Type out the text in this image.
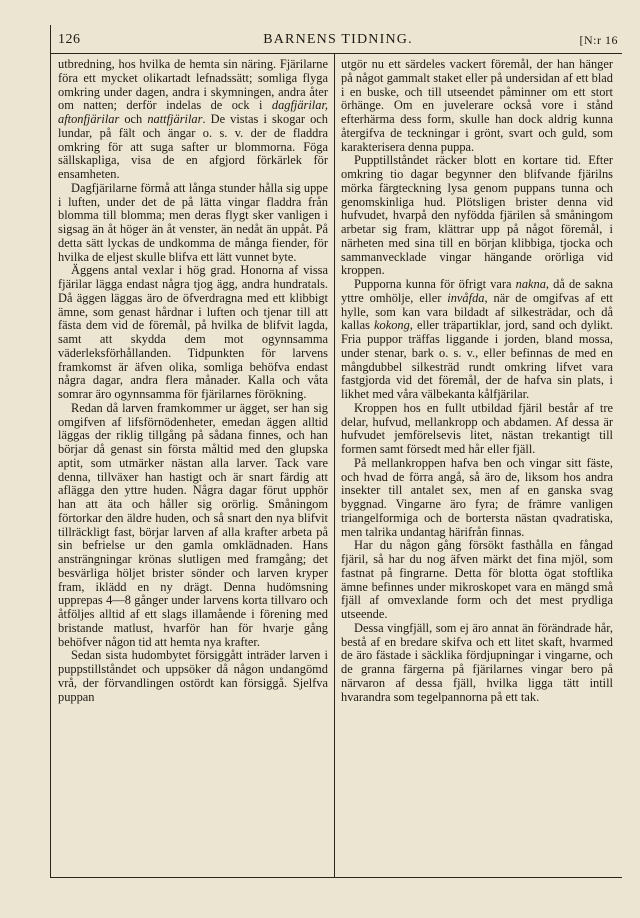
126	BARNENS TIDNING.	[N:r 16

utbredning, hos hvilka de hemta sin näring. Fjärilarne föra ett mycket olikartadt lefnadssätt; somliga flyga omkring under dagen, andra i skymningen, andra åter om natten; derför indelas de ock i dagfjärilar, aftonfjärilar och nattfjärilar. De vistas i skogar och lundar, på fält och ängar o. s. v. der de fladdra omkring för att suga safter ur blommorna. Föga sällskapliga, visa de en afgjord förkärlek för ensamheten.

Dagfjärilarne förmå att långa stunder hålla sig uppe i luften, under det de på lätta vingar fladdra från blomma till blomma; men deras flygt sker vanligen i sigsag än åt höger än åt venster, än nedåt än uppåt. På detta sätt lyckas de undkomma de många fiender, för hvilka de eljest skulle blifva ett lätt vunnet byte.

Äggens antal vexlar i hög grad. Honorna af vissa fjärilar lägga endast några tjog ägg, andra hundratals. Då äggen läggas äro de öfverdragna med ett klibbigt ämne, som genast hårdnar i luften och tjenar till att fästa dem vid de föremål, på hvilka de blifvit lagda, samt att skydda dem mot ogynnsamma väderleksförhållanden. Tidpunkten för larvens framkomst är äfven olika, somliga behöfva endast några dagar, andra flera månader. Kalla och våta somrar äro ogynnsamma för fjärilarnes förökning.

Redan då larven framkommer ur ägget, ser han sig omgifven af lifsförnödenheter, emedan äggen alltid läggas der riklig tillgång på sådana finnes, och han börjar då genast sin första måltid med den glupska aptit, som utmärker nästan alla larver. Tack vare denna, tillväxer han hastigt och är snart färdig att aflägga den yttre huden. Några dagar förut upphör han att äta och håller sig orörlig. Småningom förtorkar den äldre huden, och så snart den nya blifvit tillräckligt fast, börjar larven af alla krafter arbeta på sin befrielse ur den gamla omklädnaden. Hans ansträngningar krönas slutligen med framgång; det besvärliga höljet brister sönder och larven kryper fram, iklädd en ny drägt. Denna hudömsning upprepas 4—8 gånger under larvens korta tillvaro och åtföljes alltid af ett slags illamående i förening med bristande matlust, hvarför han för hvarje gång behöfver någon tid att hemta nya krafter.

Sedan sista hudombytet försiggått inträder larven i puppstillståndet och uppsöker då någon undangömd vrå, der förvandlingen ostördt kan försiggå. Sjelfva puppan

utgör nu ett särdeles vackert föremål, der han hänger på något gammalt staket eller på undersidan af ett blad i en buske, och till utseendet påminner om ett stort örhänge. Om en juvelerare också vore i stånd efterhärma dess form, skulle han dock aldrig kunna återgifva de teckningar i grönt, svart och guld, som karakterisera denna puppa.

Pupptillståndet räcker blott en kortare tid. Efter omkring tio dagar begynner den blifvande fjärilns mörka färgteckning lysa genom puppans tunna och genomskinliga hud. Plötsligen brister denna vid hufvudet, hvarpå den nyfödda fjärilen så småningom arbetar sig fram, klättrar upp på något föremål, i närheten med sina till en början klibbiga, tjocka och sammanvecklade vingar hängande orörliga vid kroppen.

Pupporna kunna för öfrigt vara nakna, då de sakna yttre omhölje, eller invåfda, när de omgifvas af ett hylle, som kan vara bildadt af silkesträdar, och då kallas kokong, eller träpartiklar, jord, sand och dylikt. Fria puppor träffas liggande i jorden, bland mossa, under stenar, bark o. s. v., eller befinnas de med en mångdubbel silkesträd rundt omkring lifvet vara fastgjorda vid det föremål, der de hafva sin plats, i likhet med våra välbekanta kålfjärilar.

Kroppen hos en fullt utbildad fjäril består af tre delar, hufvud, mellankropp och abdamen. Af dessa är hufvudet jemförelsevis litet, nästan trekantigt till formen samt försedt med hår eller fjäll.

På mellankroppen hafva ben och vingar sitt fäste, och hvad de förra angå, så äro de, liksom hos andra insekter till antalet sex, men af en ganska svag byggnad. Vingarne äro fyra; de främre vanligen triangelformiga och de bortersta nästan qvadratiska, men talrika undantag härifrån finnas.

Har du någon gång försökt fasthålla en fångad fjäril, så har du nog äfven märkt det fina mjöl, som fastnat på fingrarne. Detta för blotta ögat stoftlika ämne befinnes under mikroskopet vara en mängd små fjäll af omvexlande form och det mest prydliga utseende.

Dessa vingfjäll, som ej äro annat än förändrade hår, bestå af en bredare skifva och ett litet skaft, hvarmed de äro fästade i säcklika fördjupningar i vingarne, och de granna färgerna på fjärilarnes vingar bero på närvaron af dessa fjäll, hvilka ligga tätt intill hvarandra som tegelpannorna på ett tak.
